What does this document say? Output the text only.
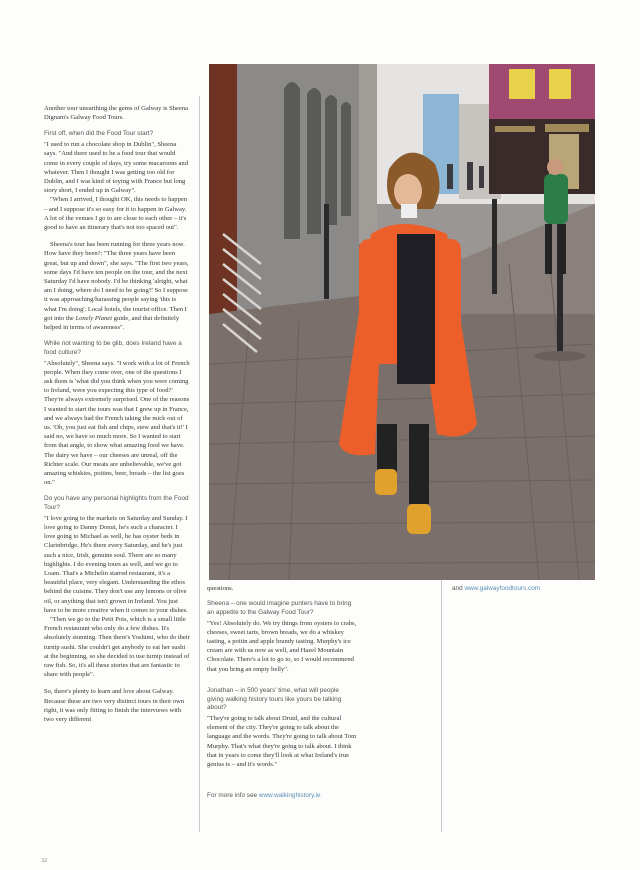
Another tour unearthing the gems of Galway is Sheena Dignam's Galway Food Tours.

First off, when did the Food Tour start?

"I used to run a chocolate shop in Dublin", Sheena says. "And there used to be a food tour that would come in every couple of days, try some macaroons and whatever. Then I thought I was getting too old for Dublin, and I was kind of toying with France but long story short, I ended up in Galway".

"When I arrived, I thought OK, this needs to happen – and I suppose it's so easy for it to happen in Galway. A lot of the venues I go to are close to each other – it's good to have an itinerary that's not too spaced out".

Sheena's tour has been running for three years now. How have they been?: "The three years have been great, but up and down", she says. "The first two years, some days I'd have ten people on the tour, and the next Saturday I'd have nobody. I'd be thinking 'alright, what am I doing, where do I need to be going?' So I suppose it was approaching/harassing people saying 'this is what I'm doing'. Local hotels, the tourist office. Then I got into the Lonely Planet guide, and that definitely helped in terms of awareness".

While not wanting to be glib, does Ireland have a food culture?

"Absolutely", Sheena says. "I work with a lot of French people. When they come over, one of the questions I ask them is 'what did you think when you were coming to Ireland, were you expecting this type of food?' They're always extremely surprised. One of the reasons I wanted to start the tours was that I grew up in France, and we always had the French taking the mick out of us. 'Oh, you just eat fish and chips, stew and that's it!' I said no, we have so much more. So I wanted to start from that angle, to show what amazing food we have. The dairy we have – our cheeses are unreal, off the Richter scale. Our meats are unbelievable, we've got amazing whiskies, poitins, beer, breads – the list goes on."

Do you have any personal highlights from the Food Tour?

"I love going to the markets on Saturday and Sunday. I love going to Danny Donut, he's such a character. I love going to Michael as well, he has oyster beds in Clarinbridge. He's there every Saturday, and he's just such a nice, Irish, genuine soul. There are so many highlights. I do evening tours as well, and we go to Loam. That's a Michelin starred restaurant, it's a beautiful place, very elegant. Understanding the ethos behind the cuisine. They don't use any lemons or olive oil, or anything that isn't grown in Ireland. You just have to be more creative when it comes to your dishes.

"Then we go to the Petit Pois, which is a small little French restaurant who only do a few dishes. It's absolutely stunning. Then there's Yoshimi, who do their turnip sushi. She couldn't get anybody to eat her sushi at the beginning, so she decided to use turnip instead of raw fish. So, it's all these stories that are fantastic to share with people".

So, there's plenty to learn and love about Galway. Because these are two very distinct tours in their own right, it was only fitting to finish the interviews with two very different

questions.

Sheena – one would imagine punters have to bring an appetite to the Galway Food Tour?

"Yes! Absolutely do. We try things from oysters to crabs, cheeses, sweet tarts, brown breads, we do a whiskey tasting, a poitin and apple brandy tasting. Murphy's ice cream are with us now as well, and Hazel Mountain Chocolate. There's a lot to go to, so I would recommend that you bring an empty belly".

Jonathan – in 500 years' time, what will people giving walking history tours like yours be talking about?

"They're going to talk about Druid, and the cultural element of the city. They're going to talk about the language and the words. They're going to talk about Tom Murphy. That's what they're going to talk about. I think that in years to come they'll look at what Ireland's true genius is – and it's words."

For more info see www.walkinghistory.ie

and www.galwayfoodtours.com
32
